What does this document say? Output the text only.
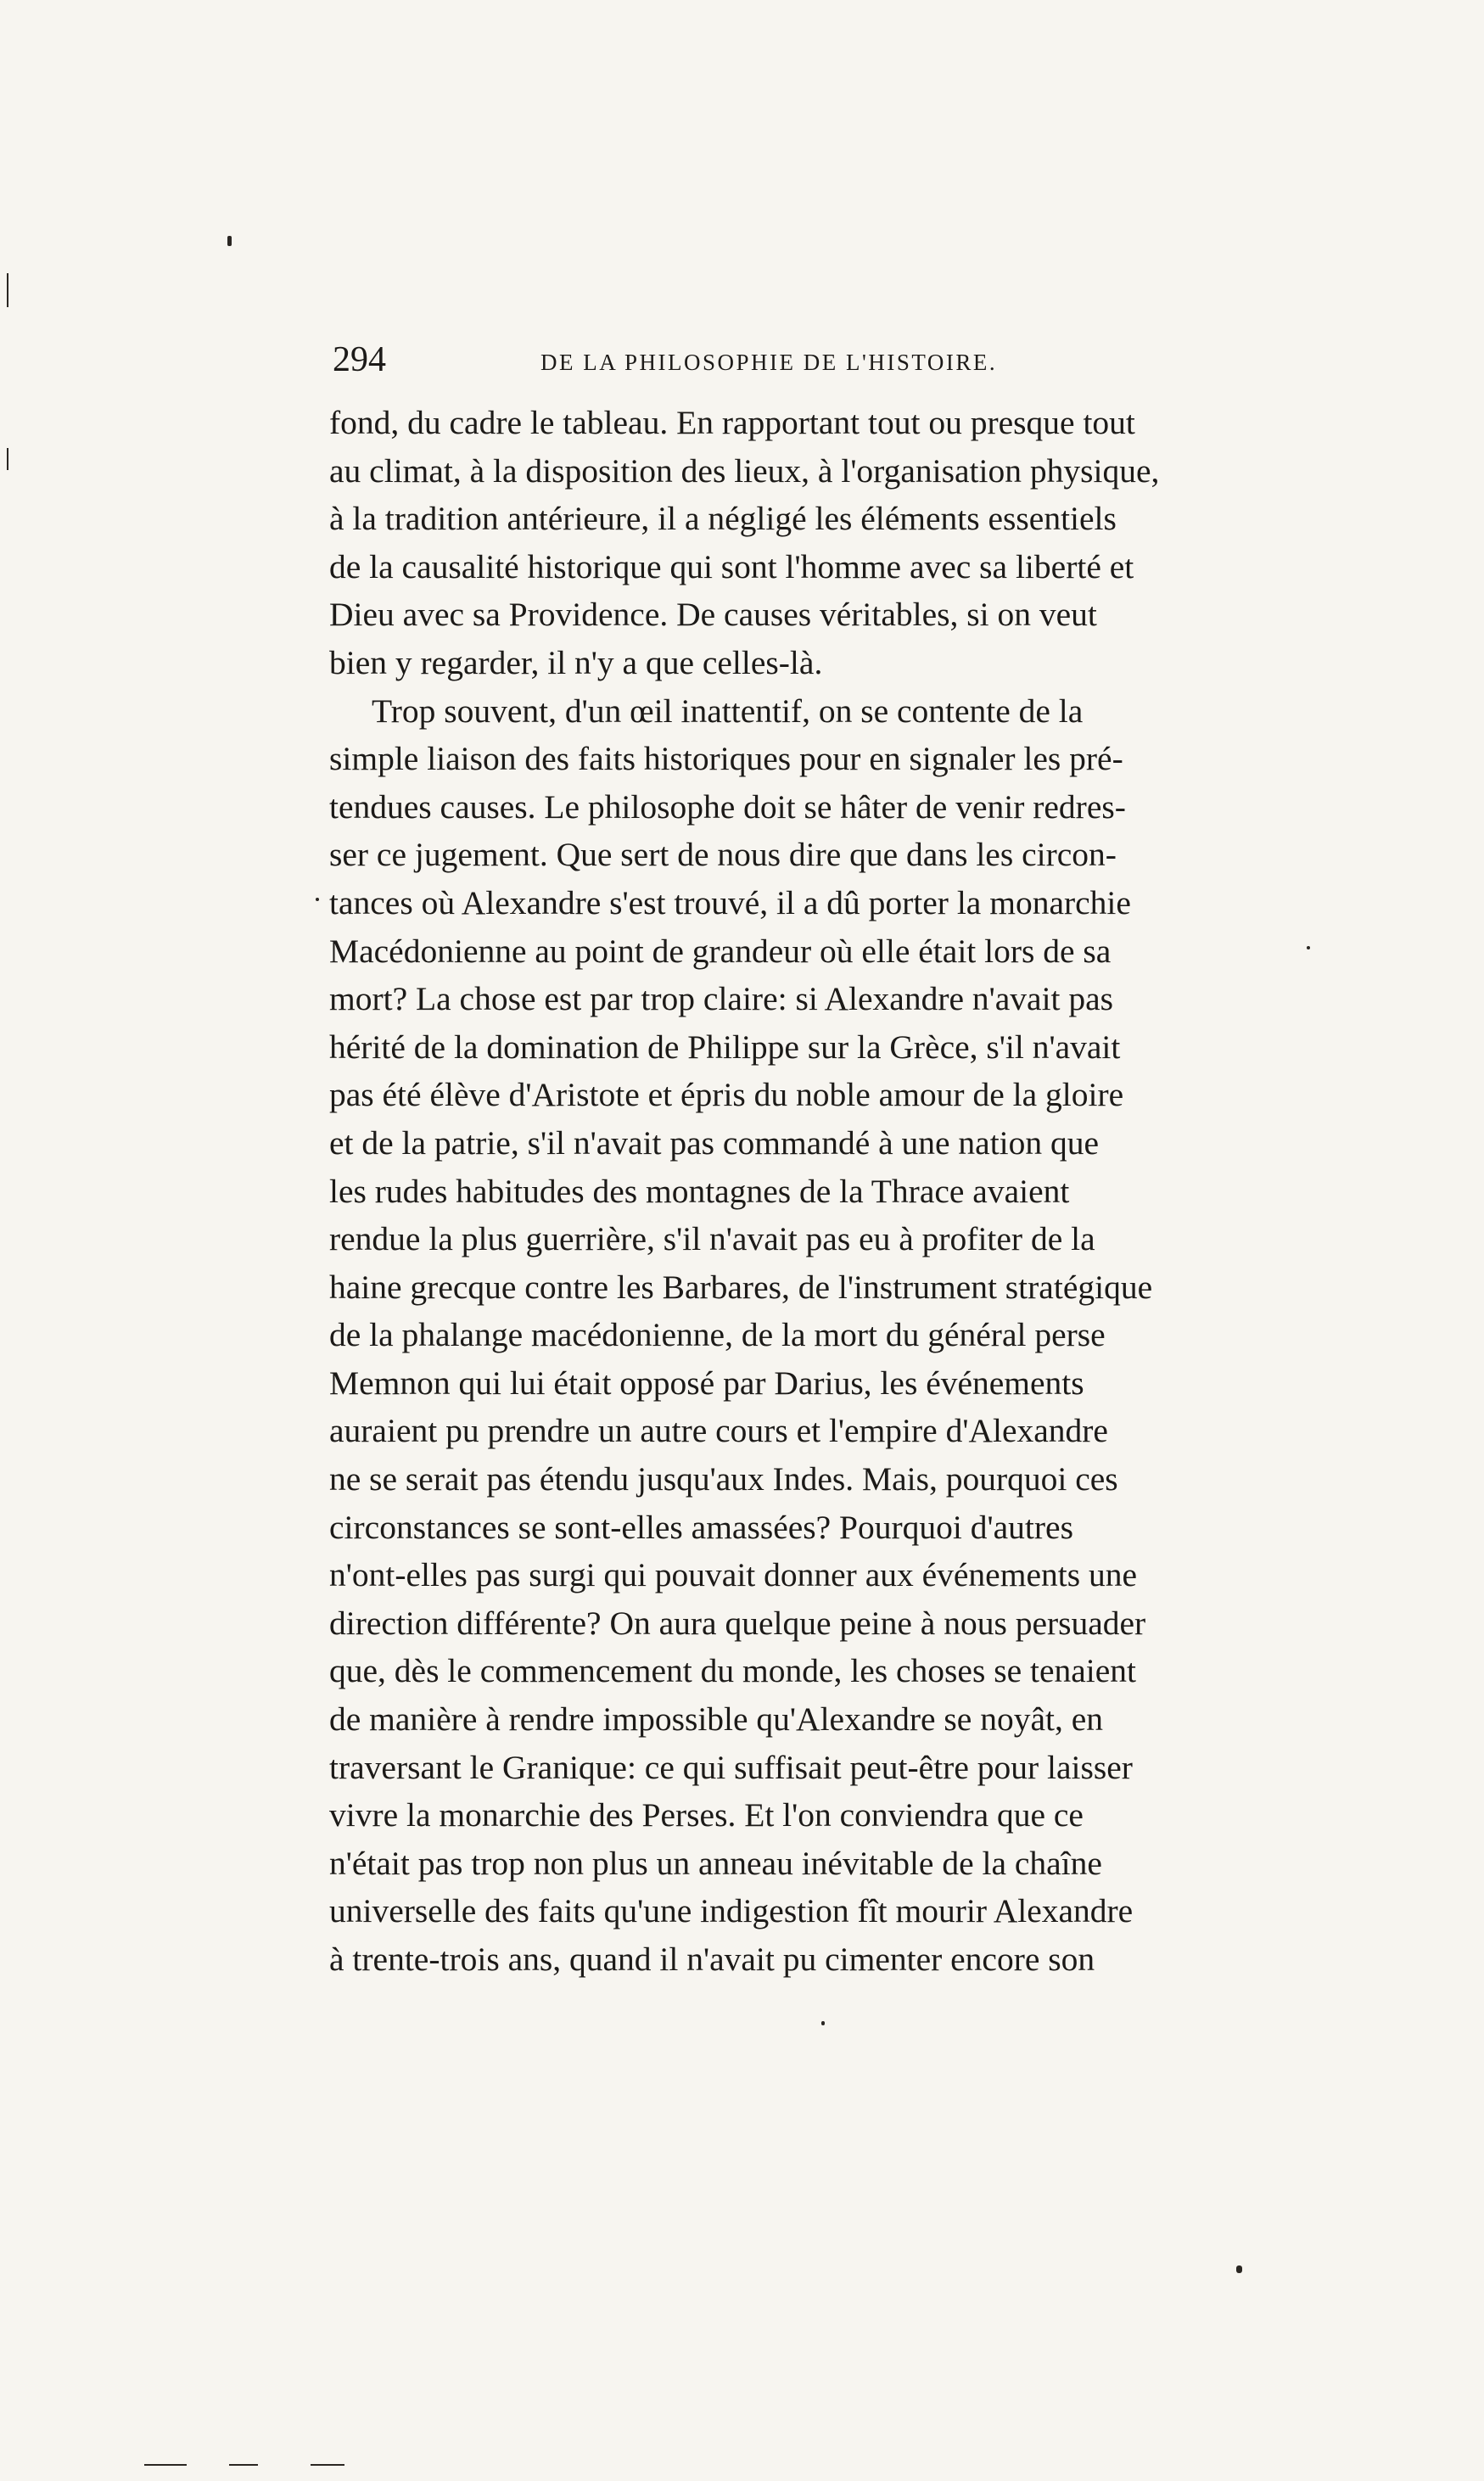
294	DE LA PHILOSOPHIE DE L'HISTOIRE.
fond, du cadre le tableau. En rapportant tout ou presque tout
au climat, à la disposition des lieux, à l'organisation physique,
à la tradition antérieure, il a négligé les éléments essentiels
de la causalité historique qui sont l'homme avec sa liberté et
Dieu avec sa Providence. De causes véritables, si on veut
bien y regarder, il n'y a que celles-là.
Trop souvent, d'un œil inattentif, on se contente de la
simple liaison des faits historiques pour en signaler les pré-
tendues causes. Le philosophe doit se hâter de venir redres-
ser ce jugement. Que sert de nous dire que dans les circon-
tances où Alexandre s'est trouvé, il a dû porter la monarchie
Macédonienne au point de grandeur où elle était lors de sa
mort? La chose est par trop claire: si Alexandre n'avait pas
hérité de la domination de Philippe sur la Grèce, s'il n'avait
pas été élève d'Aristote et épris du noble amour de la gloire
et de la patrie, s'il n'avait pas commandé à une nation que
les rudes habitudes des montagnes de la Thrace avaient
rendue la plus guerrière, s'il n'avait pas eu à profiter de la
haine grecque contre les Barbares, de l'instrument stratégique
de la phalange macédonienne, de la mort du général perse
Memnon qui lui était opposé par Darius, les événements
auraient pu prendre un autre cours et l'empire d'Alexandre
ne se serait pas étendu jusqu'aux Indes. Mais, pourquoi ces
circonstances se sont-elles amassées? Pourquoi d'autres
n'ont-elles pas surgi qui pouvait donner aux événements une
direction différente? On aura quelque peine à nous persuader
que, dès le commencement du monde, les choses se tenaient
de manière à rendre impossible qu'Alexandre se noyât, en
traversant le Granique: ce qui suffisait peut-être pour laisser
vivre la monarchie des Perses. Et l'on conviendra que ce
n'était pas trop non plus un anneau inévitable de la chaîne
universelle des faits qu'une indigestion fît mourir Alexandre
à trente-trois ans, quand il n'avait pu cimenter encore son
